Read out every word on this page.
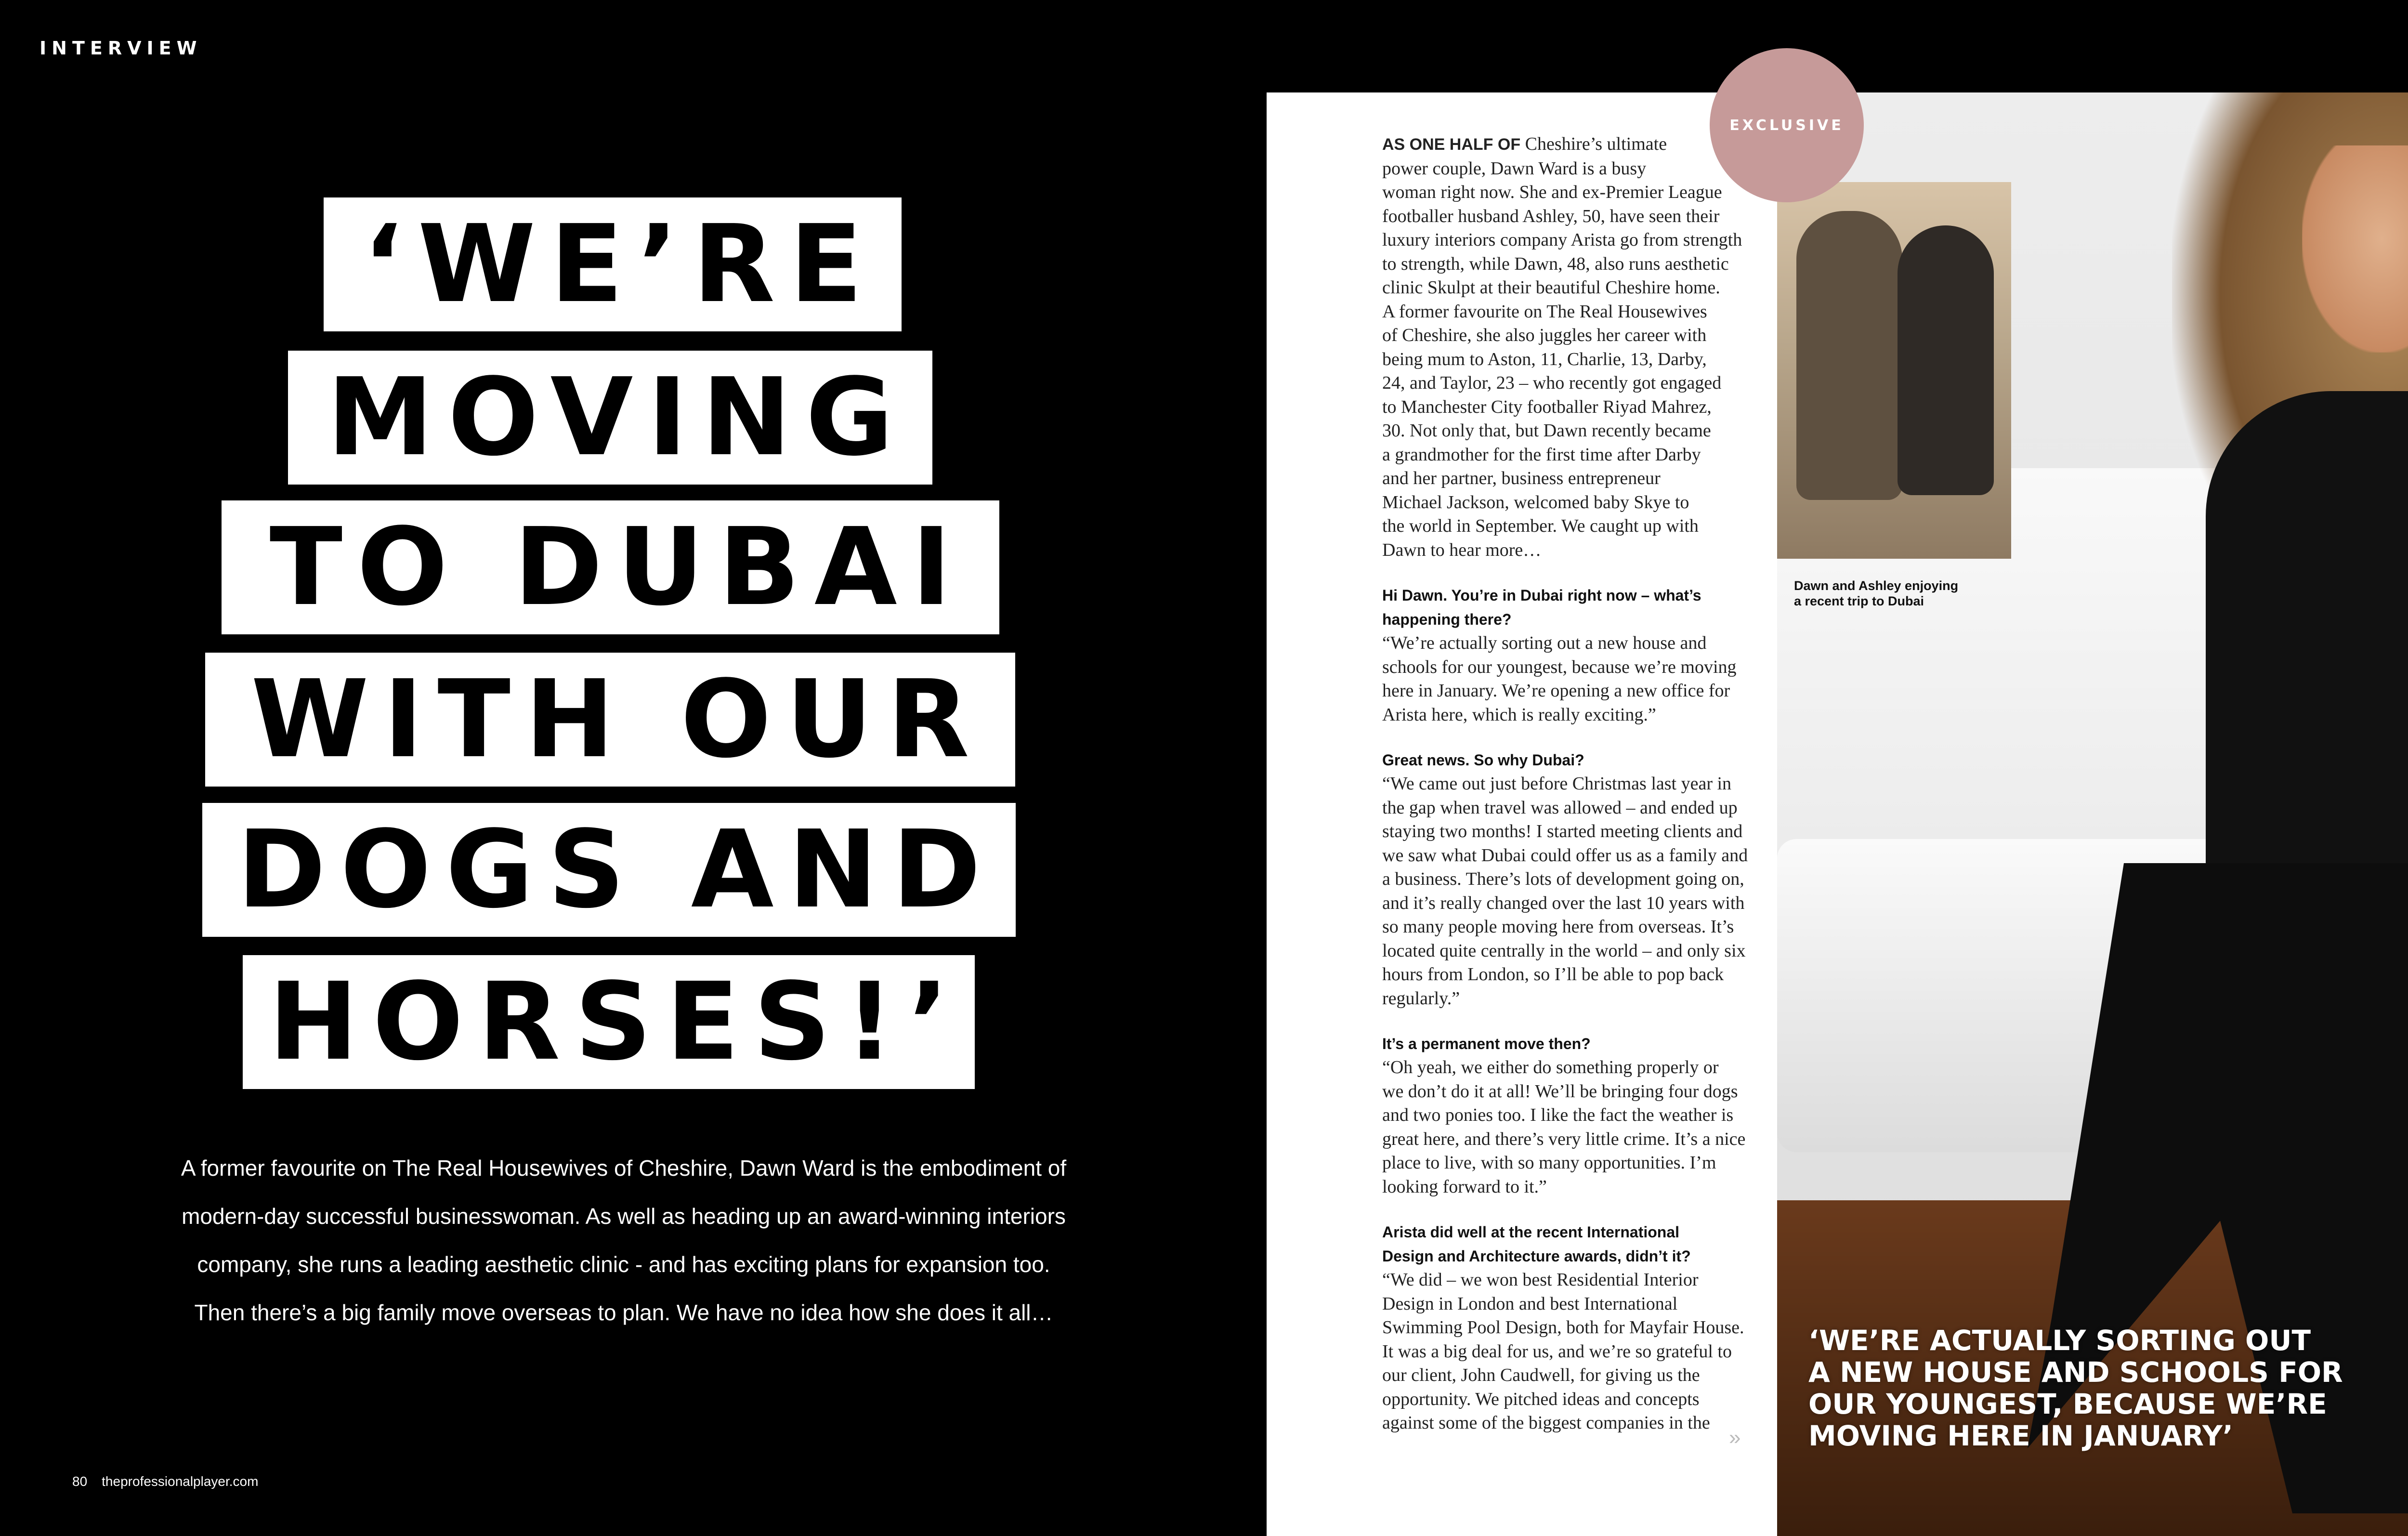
INTERVIEW
‘WE’RE
MOVING
TO DUBAI
WITH OUR
DOGS AND
HORSES!’

A former favourite on The Real Housewives of Cheshire, Dawn Ward is the embodiment of

modern-day successful businesswoman. As well as heading up an award-winning interiors

company, she runs a leading aesthetic clinic - and has exciting plans for expansion too.

Then there’s a big family move overseas to plan. We have no idea how she does it all…

80 theprofessionalplayer.com

AS ONE HALF OF Cheshire’s ultimate
power couple, Dawn Ward is a busy
woman right now. She and ex-Premier League
footballer husband Ashley, 50, have seen their
luxury interiors company Arista go from strength
to strength, while Dawn, 48, also runs aesthetic
clinic Skulpt at their beautiful Cheshire home.
A former favourite on The Real Housewives
of Cheshire, she also juggles her career with
being mum to Aston, 11, Charlie, 13, Darby,
24, and Taylor, 23 – who recently got engaged
to Manchester City footballer Riyad Mahrez,
30. Not only that, but Dawn recently became
a grandmother for the first time after Darby
and her partner, business entrepreneur
Michael Jackson, welcomed baby Skye to
the world in September. We caught up with
Dawn to hear more…

Hi Dawn. You’re in Dubai right now – what’s
happening there?

“We’re actually sorting out a new house and
schools for our youngest, because we’re moving
here in January. We’re opening a new office for
Arista here, which is really exciting.”

Great news. So why Dubai?

“We came out just before Christmas last year in
the gap when travel was allowed – and ended up
staying two months! I started meeting clients and
we saw what Dubai could offer us as a family and
a business. There’s lots of development going on,
and it’s really changed over the last 10 years with
so many people moving here from overseas. It’s
located quite centrally in the world – and only six
hours from London, so I’ll be able to pop back
regularly.”

It’s a permanent move then?

“Oh yeah, we either do something properly or
we don’t do it at all! We’ll be bringing four dogs
and two ponies too. I like the fact the weather is
great here, and there’s very little crime. It’s a nice
place to live, with so many opportunities. I’m
looking forward to it.”

Arista did well at the recent International
Design and Architecture awards, didn’t it?

“We did – we won best Residential Interior
Design in London and best International
Swimming Pool Design, both for Mayfair House.
It was a big deal for us, and we’re so grateful to
our client, John Caudwell, for giving us the
opportunity. We pitched ideas and concepts
against some of the biggest companies in the

»
Dawn and Ashley enjoying
a recent trip to Dubai
EXCLUSIVE
‘WE’RE ACTUALLY SORTING OUT
A NEW HOUSE AND SCHOOLS FOR
OUR YOUNGEST, BECAUSE WE’RE
MOVING HERE IN JANUARY’
